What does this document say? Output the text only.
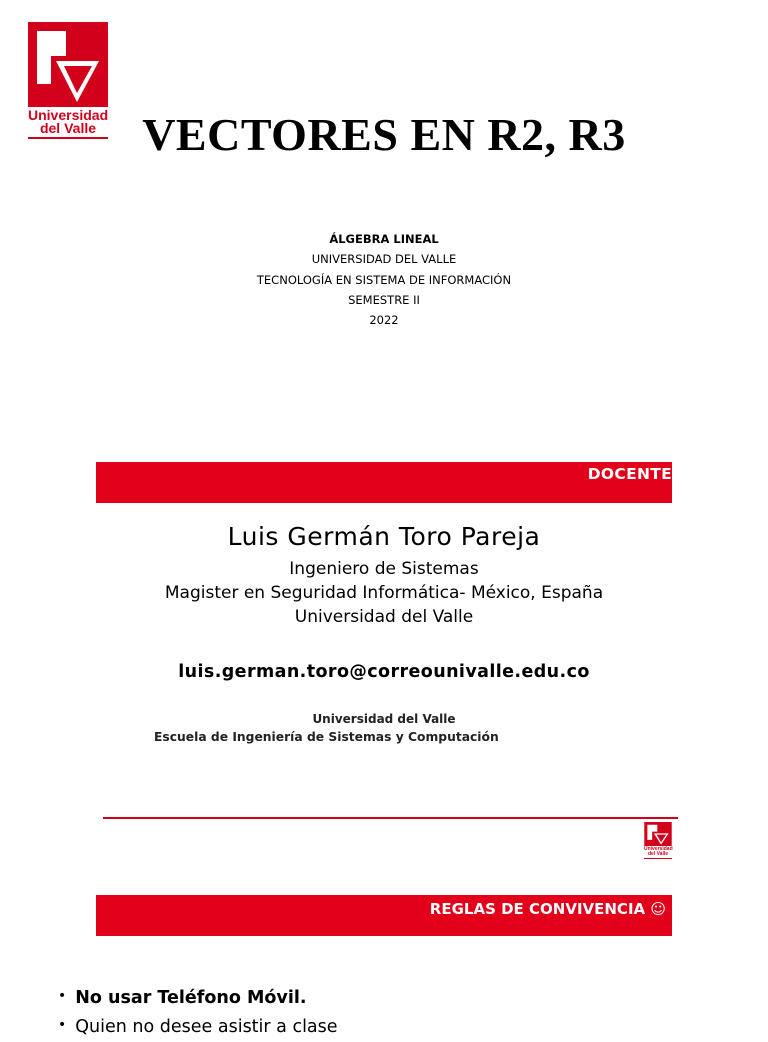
Universidad
del Valle	VECTORES EN R2, R3
ÁLGEBRA LINEAL
UNIVERSIDAD DEL VALLE
TECNOLOGÍA EN SISTEMA DE INFORMACIÓN
SEMESTRE II
2022
DOCENTE
Luis Germán Toro Pareja
Ingeniero de Sistemas
Magister en Seguridad Informática- México, España
Universidad del Valle
luis.german.toro@correounivalle.edu.co
Universidad del Valle
Escuela de Ingeniería de Sistemas y Computación
Universidad
del Valle
REGLAS DE CONVIVENCIA ☺
• No usar Teléfono Móvil.
• Quien no desee asistir a clase
